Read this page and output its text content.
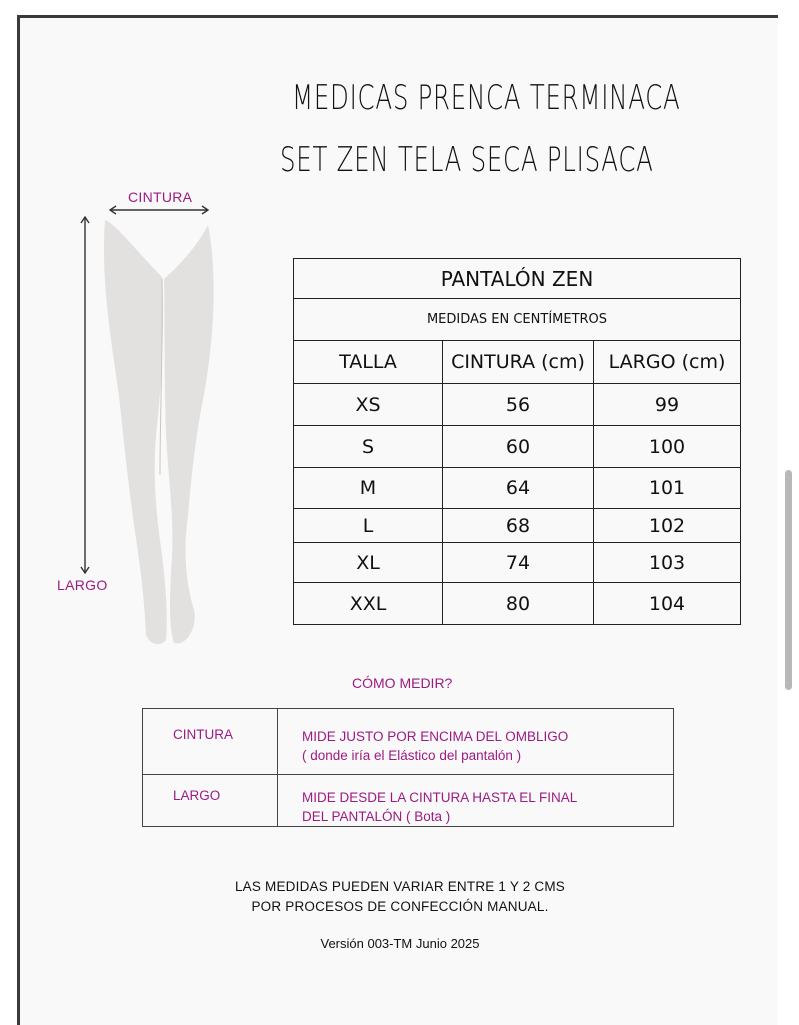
MEDICAS PRENCA TERMINACA
SET ZEN TELA SECA PLISACA
CINTURA
LARGO
PANTALÓN ZEN		
MEDIDAS EN CENTÍMETROS		
TALLA	CINTURA (cm)	LARGO (cm)
XS	56	99
S	60	100
M	64	101
L	68	102
XL	74	103
XXL	80	104
CÓMO MEDIR?
CINTURA	MIDE JUSTO POR ENCIMA DEL OMBLIGO
( donde iría el Elástico del pantalón )

LARGO	MIDE DESDE LA CINTURA HASTA EL FINAL
DEL PANTALÓN ( Bota )
LAS MEDIDAS PUEDEN VARIAR ENTRE 1 Y 2 CMS
POR PROCESOS DE CONFECCIÓN MANUAL.
Versión 003-TM Junio 2025
